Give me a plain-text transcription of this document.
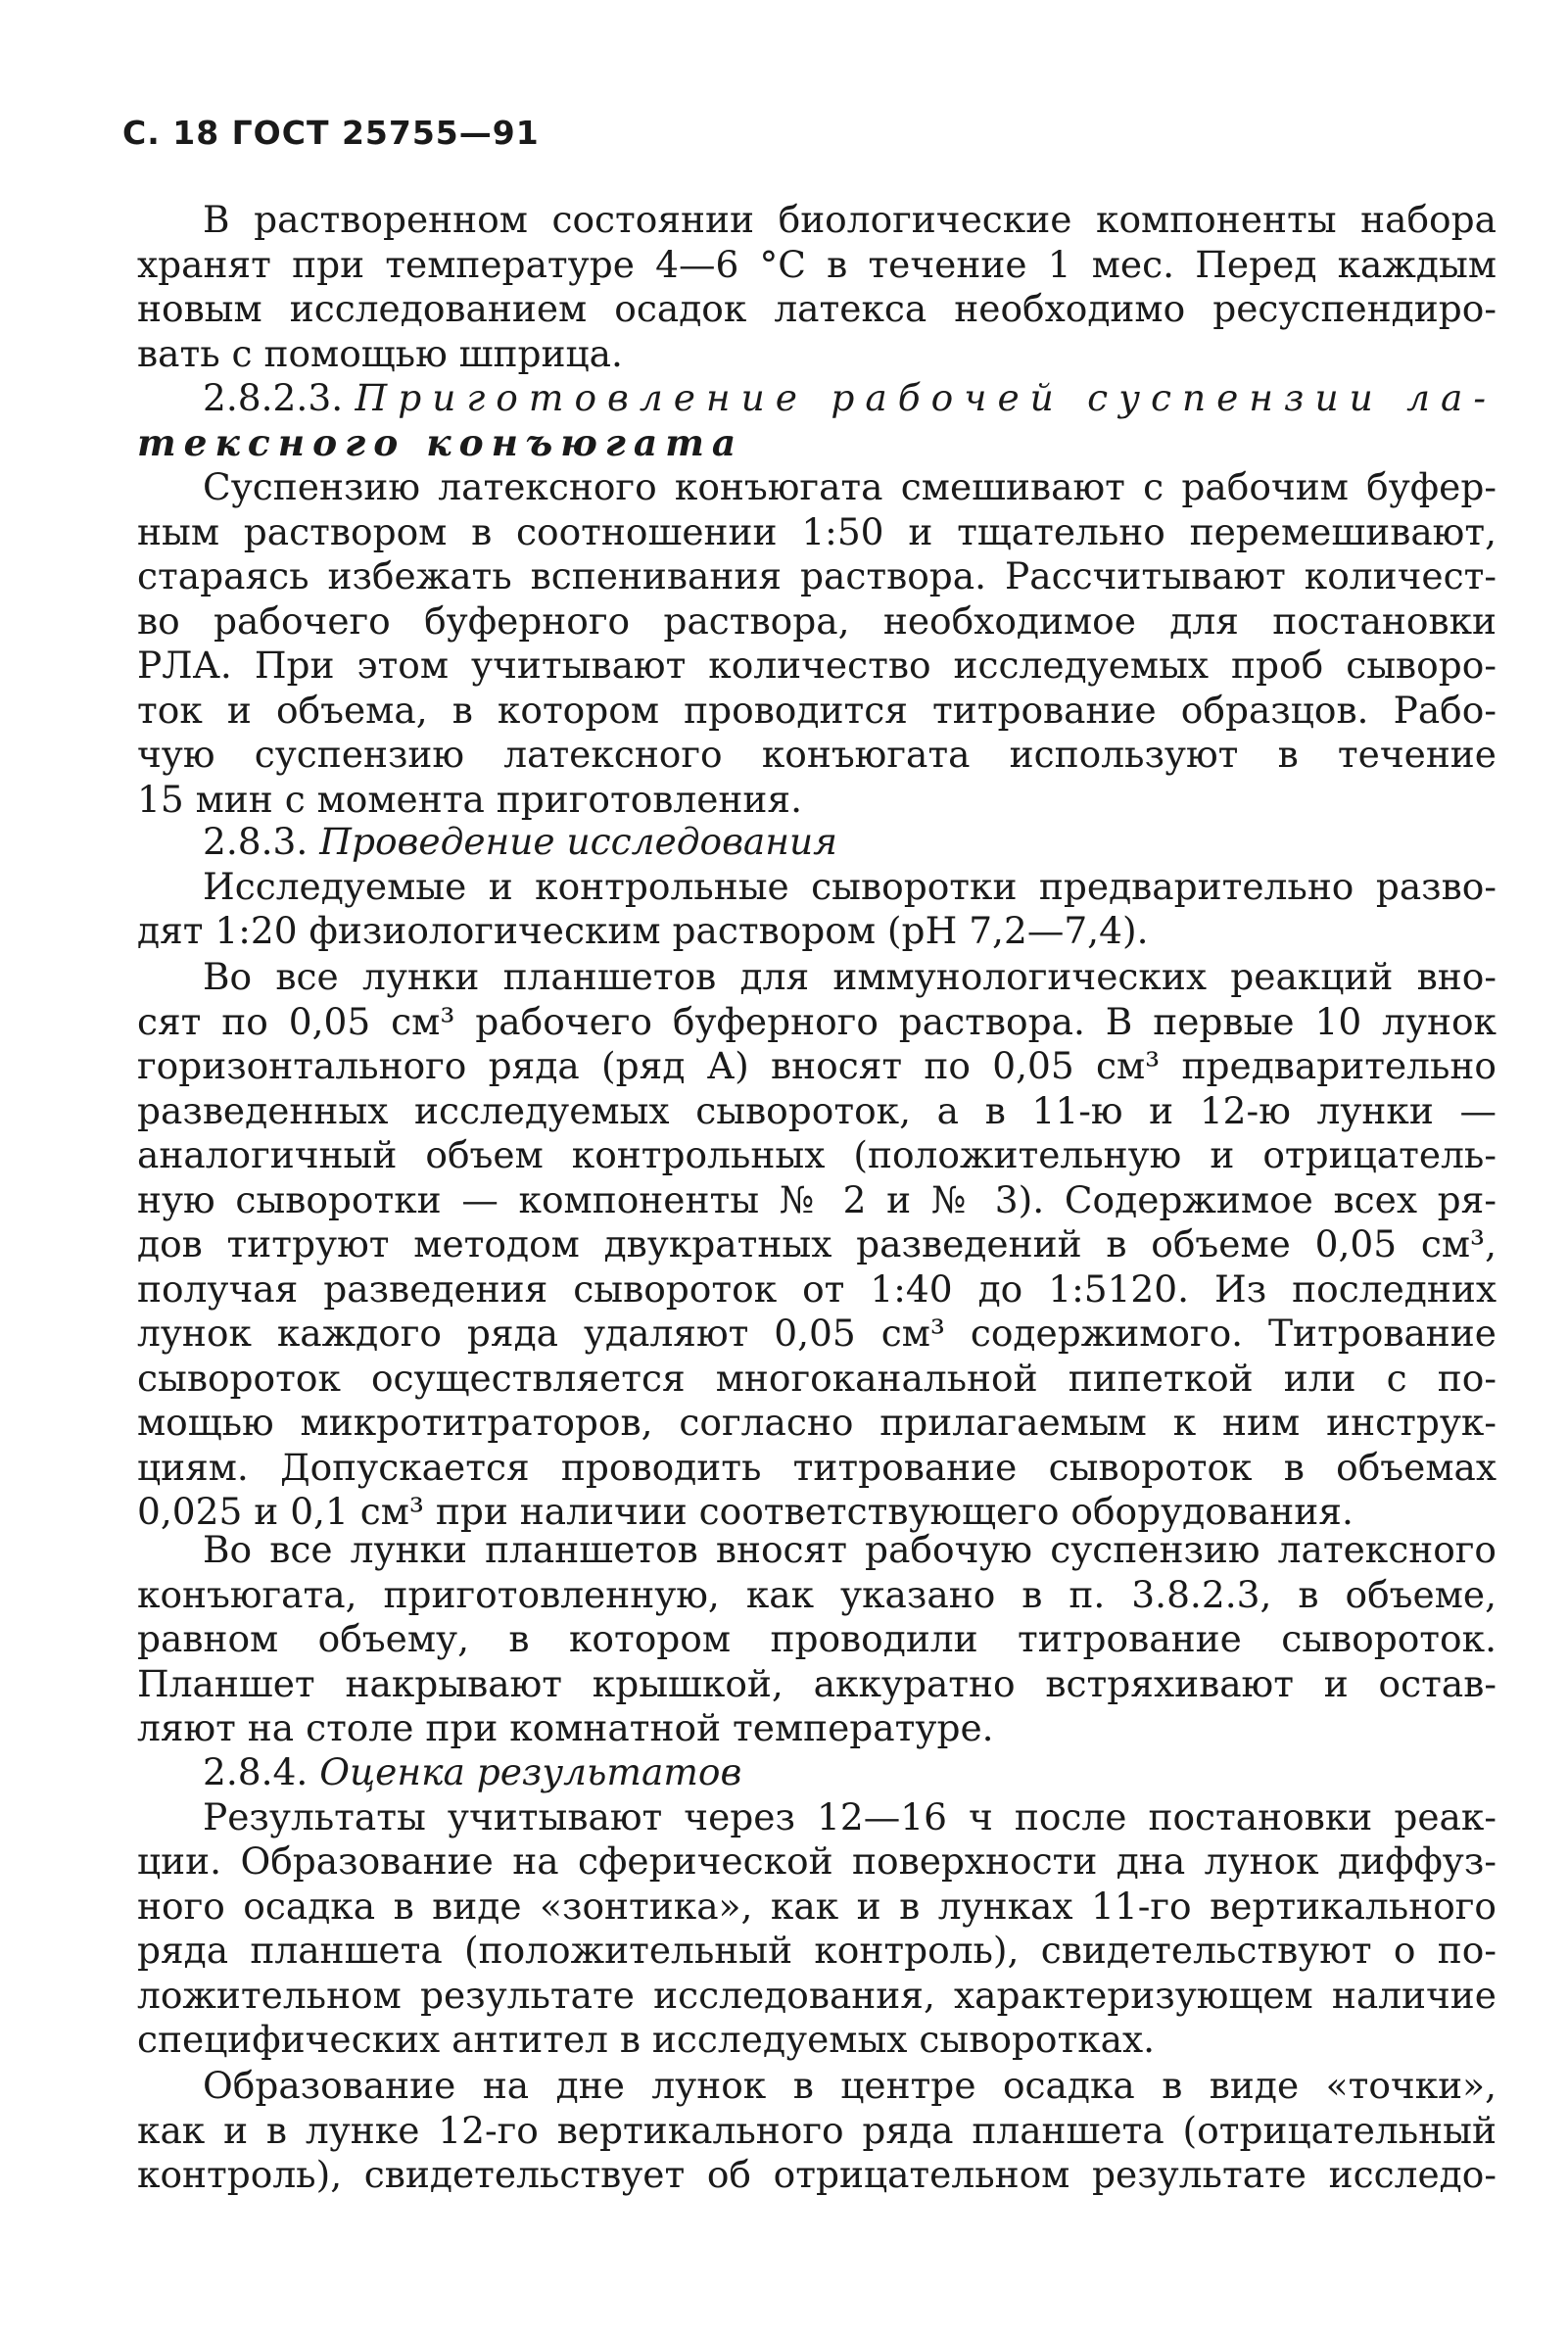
С. 18 ГОСТ 25755—91

В растворенном состоянии биологические компоненты набора
хранят при температуре 4—6 °С в течение 1 мес. Перед каждым
новым исследованием осадок латекса необходимо ресуспендиро-
вать с помощью шприца.

2.8.2.3. Приготовление рабочей суспензии ла-
тексного конъюгата

Суспензию латексного конъюгата смешивают с рабочим буфер-
ным раствором в соотношении 1:50 и тщательно перемешивают,
стараясь избежать вспенивания раствора. Рассчитывают количест-
во рабочего буферного раствора, необходимое для постановки
РЛА. При этом учитывают количество исследуемых проб сыворо-
ток и объема, в котором проводится титрование образцов. Рабо-
чую суспензию латексного конъюгата используют в течение
15 мин с момента приготовления.

2.8.3. Проведение исследования

Исследуемые и контрольные сыворотки предварительно разво-
дят 1:20 физиологическим раствором (pH 7,2—7,4).

Во все лунки планшетов для иммунологических реакций вно-
сят по 0,05 см³ рабочего буферного раствора. В первые 10 лунок
горизонтального ряда (ряд А) вносят по 0,05 см³ предварительно
разведенных исследуемых сывороток, а в 11-ю и 12-ю лунки —
аналогичный объем контрольных (положительную и отрицатель-
ную сыворотки — компоненты № 2 и № 3). Содержимое всех ря-
дов титруют методом двукратных разведений в объеме 0,05 см³,
получая разведения сывороток от 1:40 до 1:5120. Из последних
лунок каждого ряда удаляют 0,05 см³ содержимого. Титрование
сывороток осуществляется многоканальной пипеткой или с по-
мощью микротитраторов, согласно прилагаемым к ним инструк-
циям. Допускается проводить титрование сывороток в объемах
0,025 и 0,1 см³ при наличии соответствующего оборудования.

Во все лунки планшетов вносят рабочую суспензию латексного
конъюгата, приготовленную, как указано в п. 3.8.2.3, в объеме,
равном объему, в котором проводили титрование сывороток.
Планшет накрывают крышкой, аккуратно встряхивают и остав-
ляют на столе при комнатной температуре.

2.8.4. Оценка результатов

Результаты учитывают через 12—16 ч после постановки реак-
ции. Образование на сферической поверхности дна лунок диффуз-
ного осадка в виде «зонтика», как и в лунках 11-го вертикального
ряда планшета (положительный контроль), свидетельствуют о по-
ложительном результате исследования, характеризующем наличие
специфических антител в исследуемых сыворотках.

Образование на дне лунок в центре осадка в виде «точки»,
как и в лунке 12-го вертикального ряда планшета (отрицательный
контроль), свидетельствует об отрицательном результате исследо-
